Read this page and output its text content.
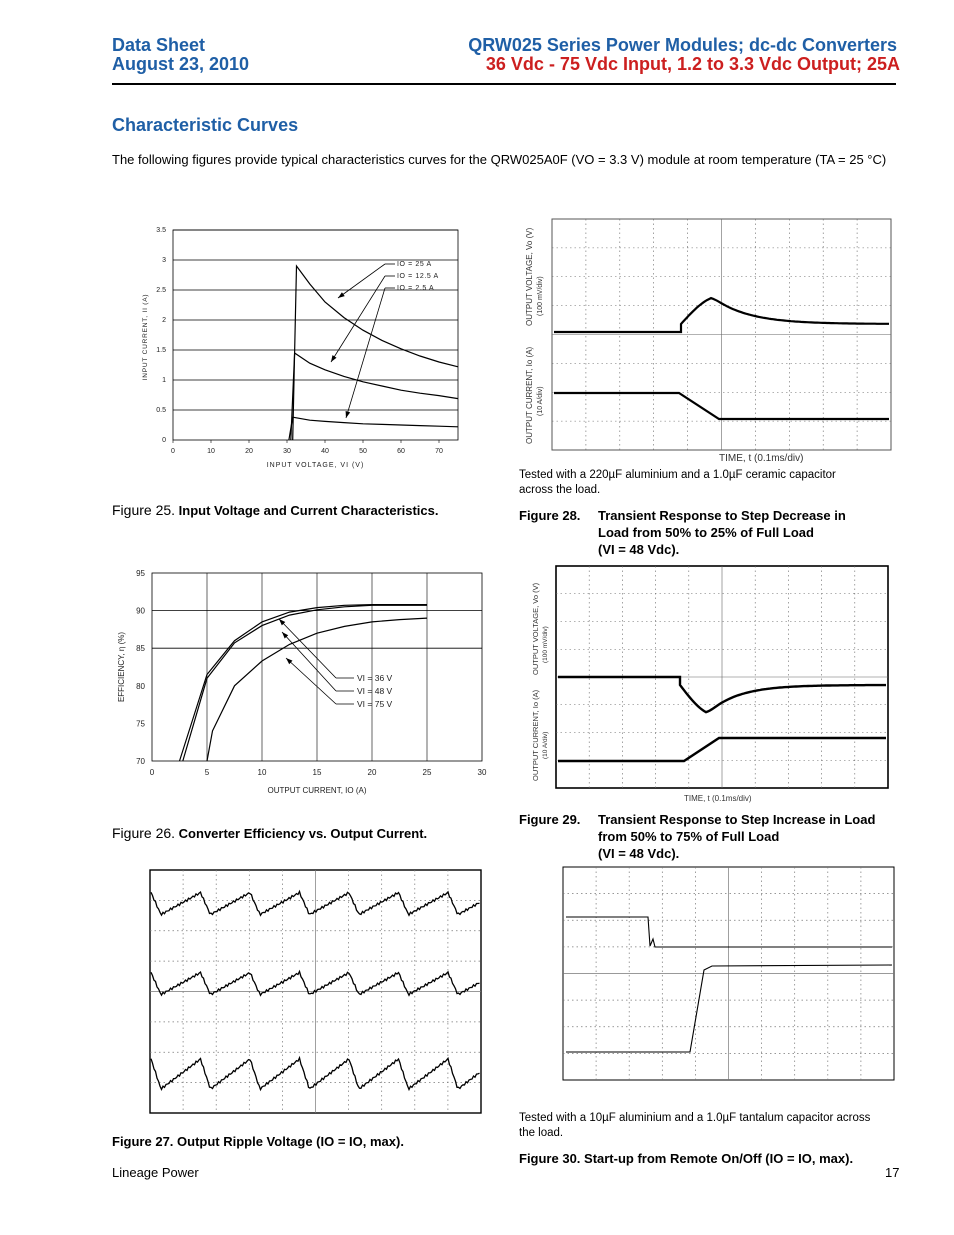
Data Sheet
August 23, 2010
QRW025 Series Power Modules; dc-dc Converters
36 Vdc - 75 Vdc Input, 1.2 to 3.3 Vdc Output; 25A
Characteristic Curves
The following figures provide typical characteristics curves for the QRW025A0F (VO = 3.3 V) module at room temperature (TA = 25 °C)
0
0.5
1
1.5
2
2.5
3
3.5
0	10	20	30	40	50	60	70
INPUT VOLTAGE, VI (V)
INPUT CURRENT, II (A)
IO = 25 A
IO = 12.5 A
IO = 2.5 A
Figure 25. Input Voltage and Current Characteristics.
70
75
80
85
90
95
0	5	10	15	20	25	30
OUTPUT CURRENT, IO (A)
EFFICIENCY, η (%)	VI = 36 V
VI = 48 V
VI = 75 V
Figure 26. Converter Efficiency vs. Output Current.
Figure 27. Output Ripple Voltage (IO = IO, max).
OUTPUT VOLTAGE, Vo (V) (100 mV/div)
OUTPUT CURRENT, Io (A) (10 A/div)
TIME, t (0.1ms/div)
Tested with a 220µF aluminium and a 1.0µF ceramic capacitor
across the load.
Figure 28. Transient Response to Step Decrease in
Load from 50% to 25% of Full Load
(VI = 48 Vdc).
OUTPUT VOLTAGE, Vo (V) (100 mV/div)
OUTPUT CURRENT, Io (A) (10 A/div)
TIME, t (0.1ms/div)
Figure 29. Transient Response to Step Increase in Load
from 50% to 75% of Full Load
(VI = 48 Vdc).
Tested with a 10µF aluminium and a 1.0µF tantalum capacitor across
the load.
Figure 30. Start-up from Remote On/Off (IO = IO, max).
Lineage Power	17
